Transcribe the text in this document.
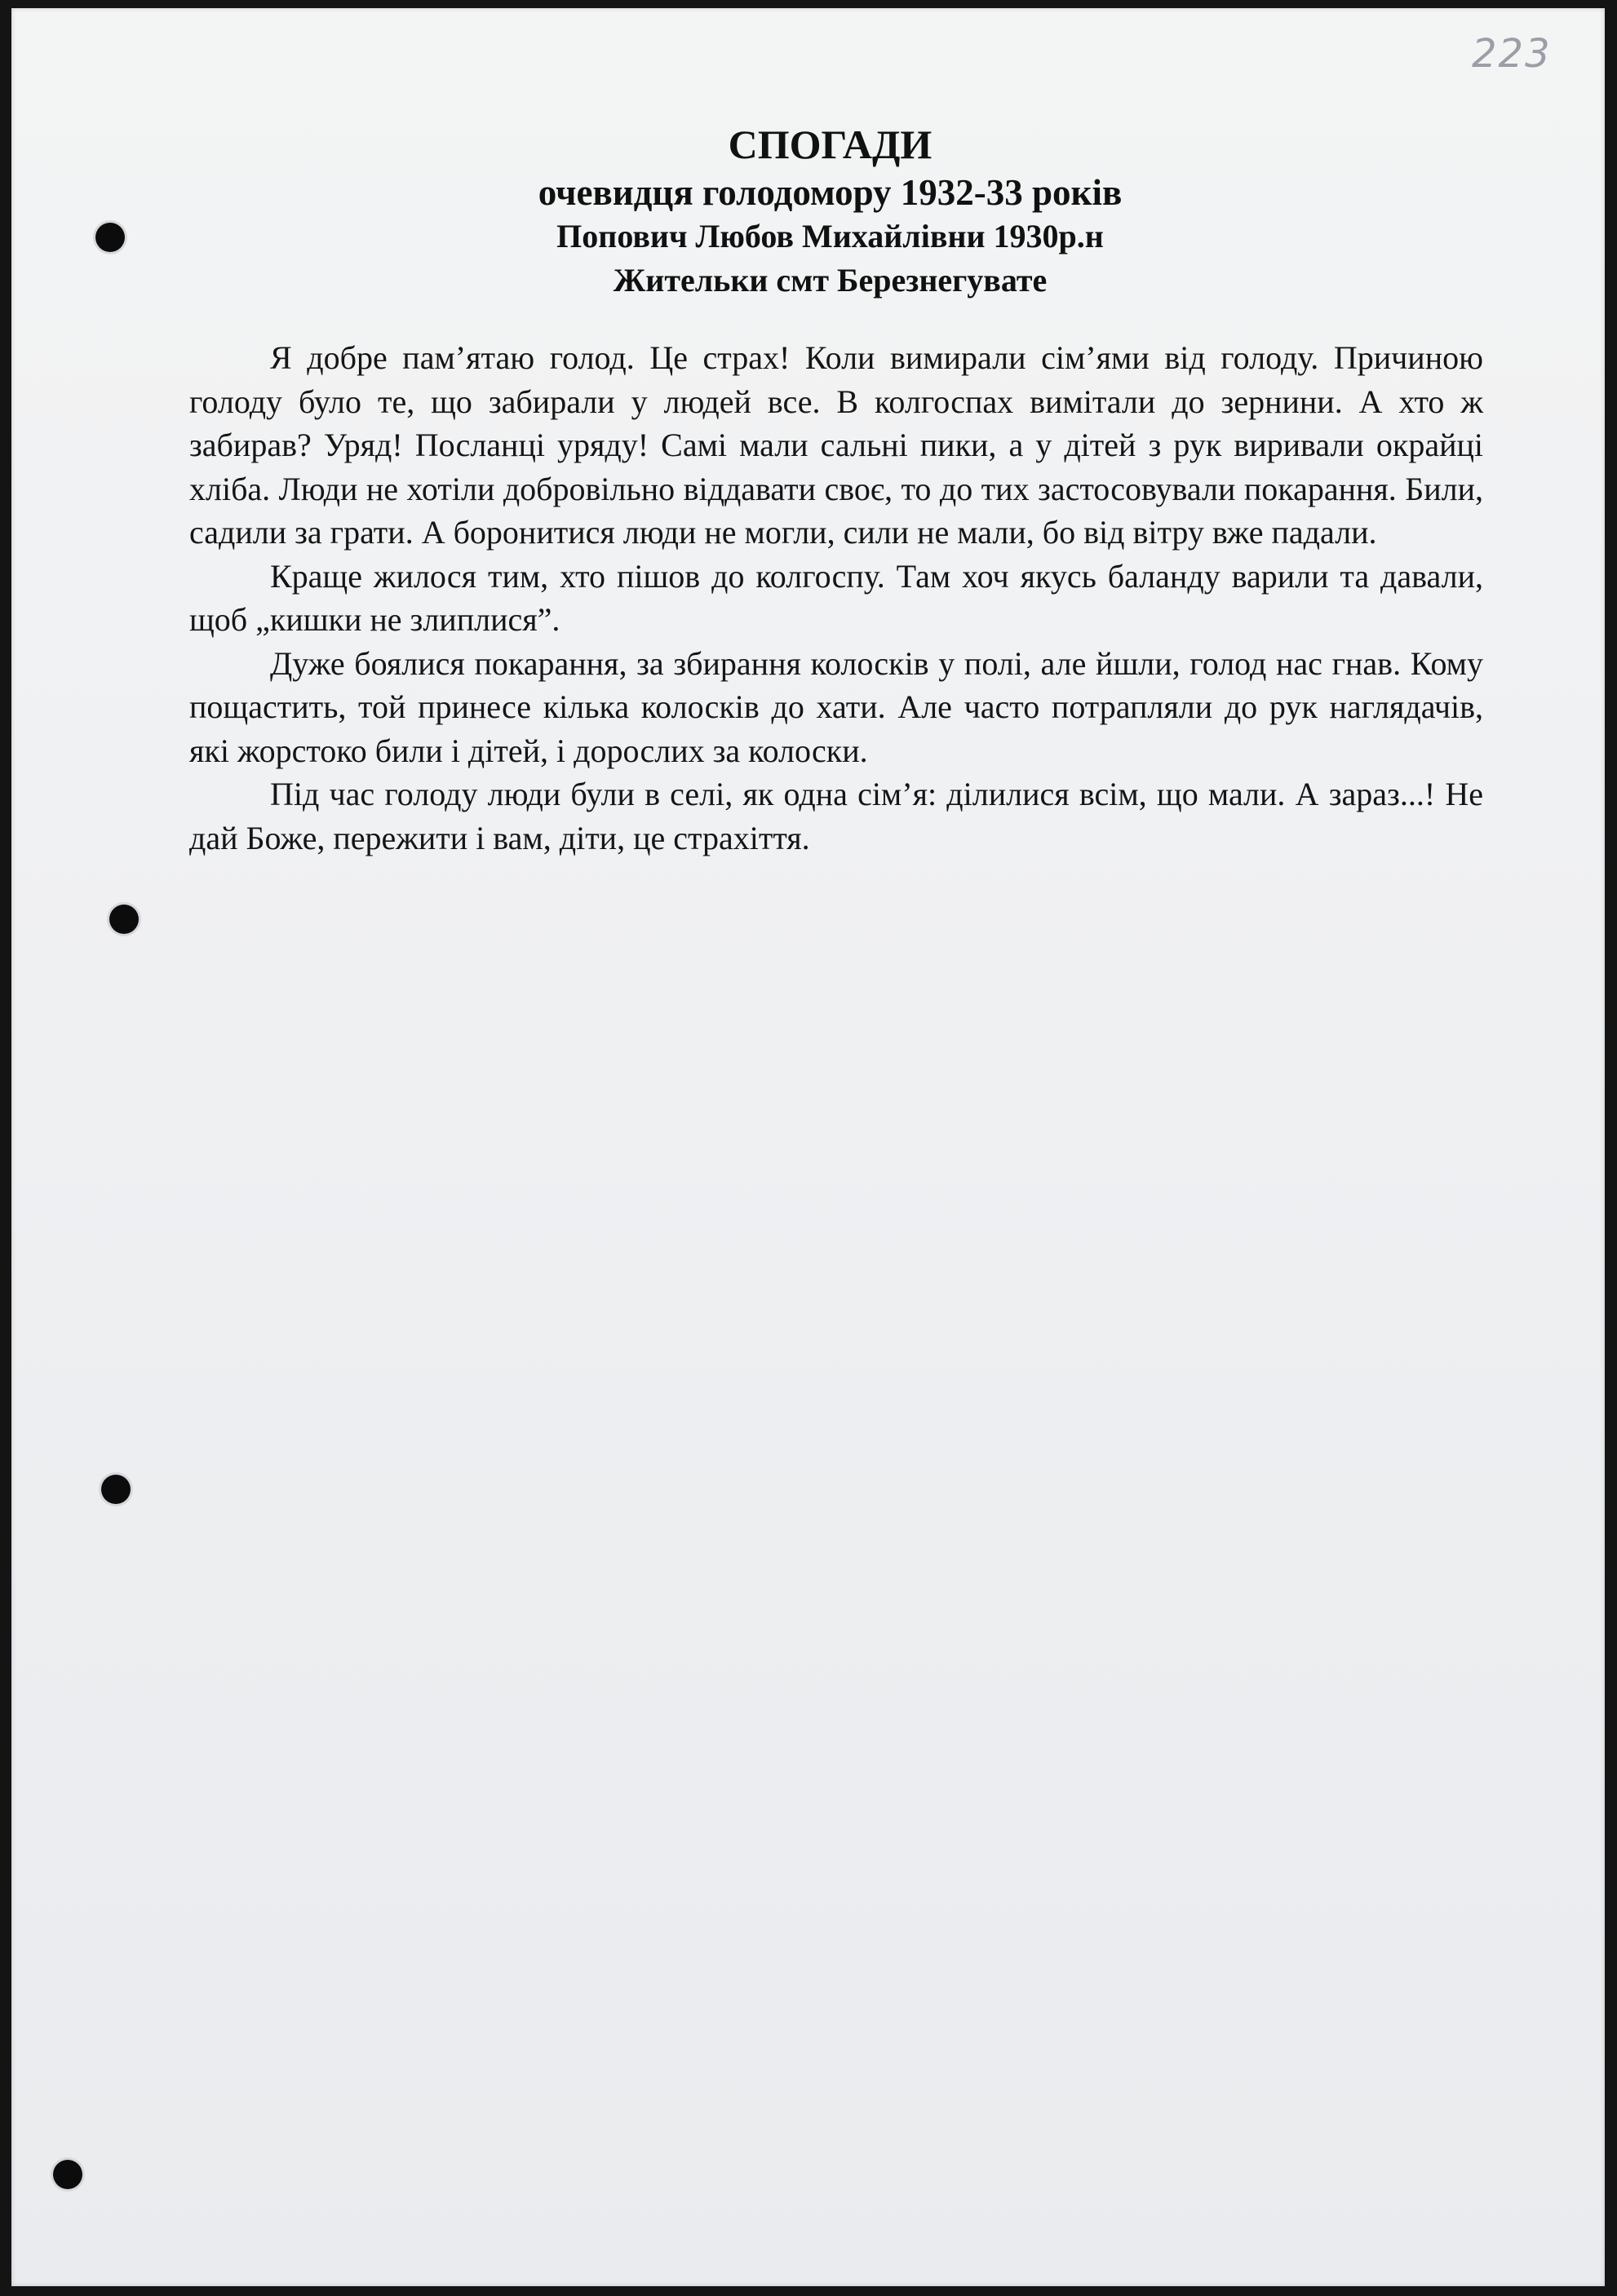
223
СПОГАДИ
очевидця голодомору 1932-33 років
Попович Любов Михайлівни 1930р.н
Жительки смт Березнегувате

Я добре пам’ятаю голод. Це страх! Коли вимирали сім’ями від голоду. Причиною голоду було те, що забирали у людей все. В колгоспах вимітали до зернини. А хто ж забирав? Уряд! Посланці уряду! Самі мали сальні пики, а у дітей з рук виривали окрайці хліба. Люди не хотіли добровільно віддавати своє, то до тих застосовували покарання. Били, садили за грати. А боронитися люди не могли, сили не мали, бо від вітру вже падали.

Краще жилося тим, хто пішов до колгоспу. Там хоч якусь баланду варили та давали, щоб „кишки не злиплися”.

Дуже боялися покарання, за збирання колосків у полі, але йшли, голод нас гнав. Кому пощастить, той принесе кілька колосків до хати. Але часто потрапляли до рук наглядачів, які жорстоко били і дітей, і дорослих за колоски.

Під час голоду люди були в селі, як одна сім’я: ділилися всім, що мали. А зараз...! Не дай Боже, пережити і вам, діти, це страхіття.
